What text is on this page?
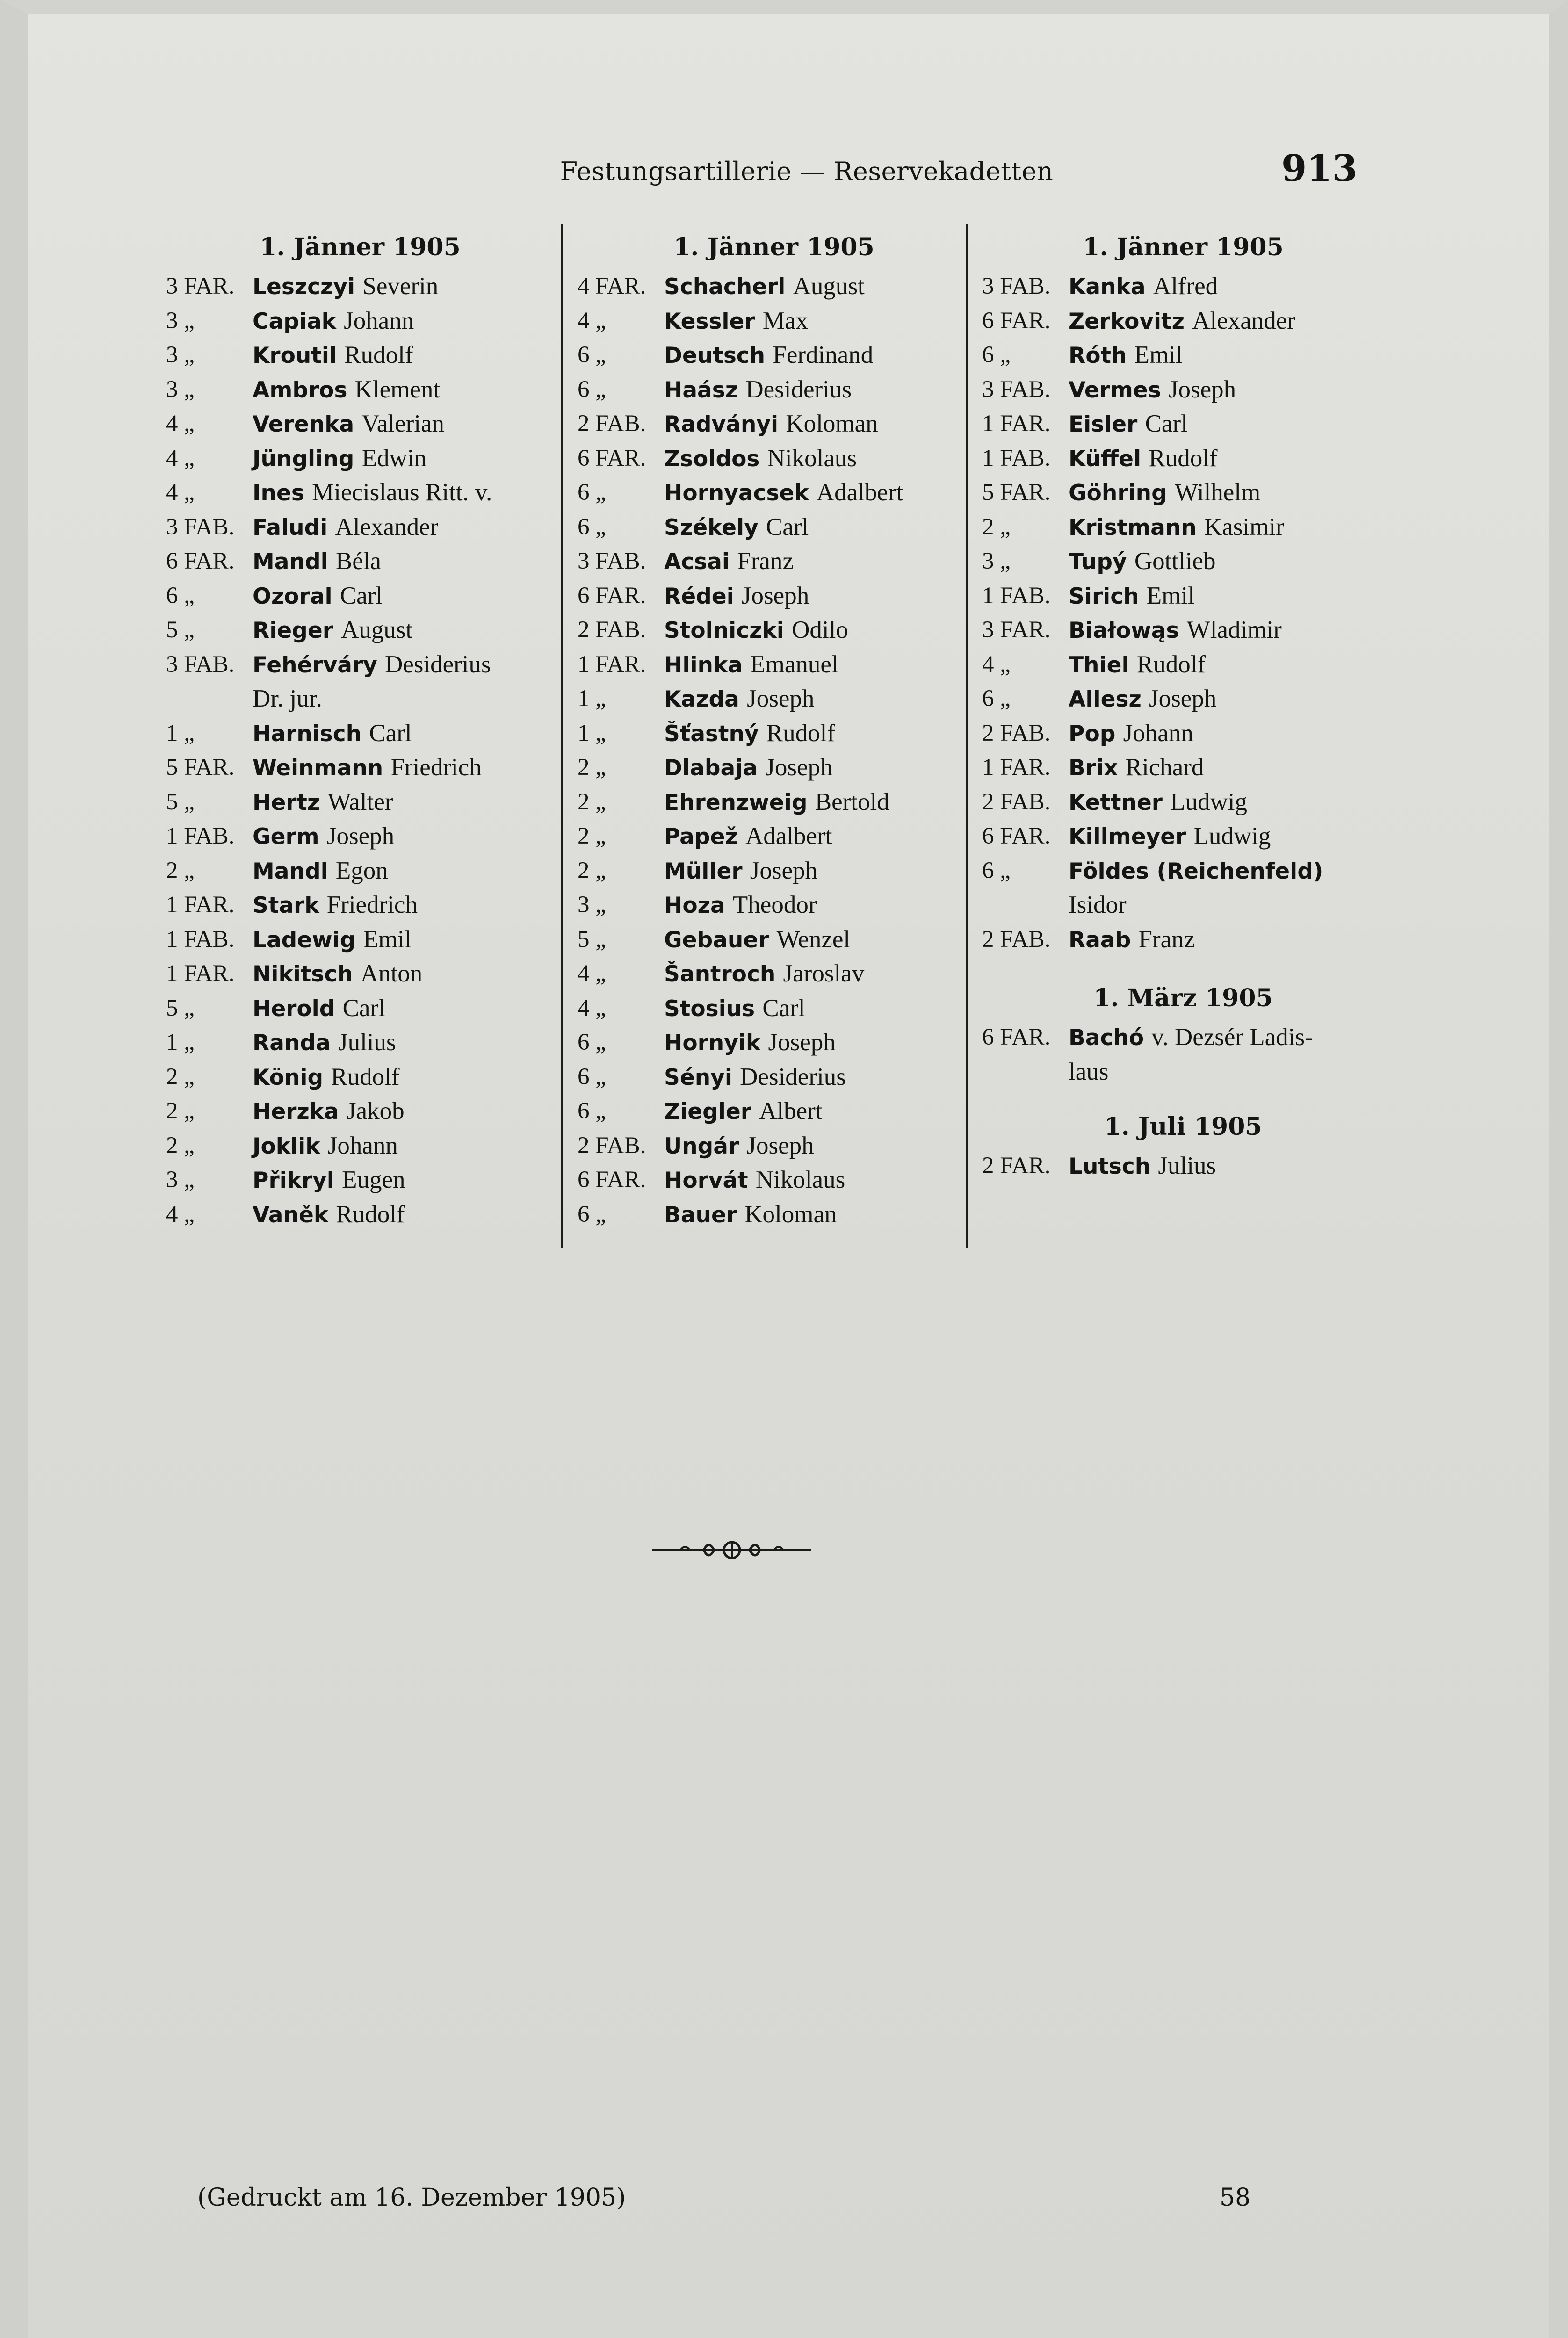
Festungsartillerie — Reservekadetten	913
1. Jänner 1905
3 FAR. Leszczyi Severin
3 „	Capiak Johann
3 „	Kroutil Rudolf
3 „	Ambros Klement
4 „	Verenka Valerian
4 „	Jüngling Edwin
4 „	Ines Miecislaus Ritt. v.
3 FAB. Faludi Alexander
6 FAR. Mandl Béla
6 „	Ozoral Carl
5 „	Rieger August
3 FAB. Fehérváry Desiderius
Dr. jur.
1 „	Harnisch Carl
5 FAR. Weinmann Friedrich
5 „	Hertz Walter
1 FAB. Germ Joseph
2 „	Mandl Egon
1 FAR. Stark Friedrich
1 FAB. Ladewig Emil
1 FAR. Nikitsch Anton
5 „	Herold Carl
1 „	Randa Julius
2 „	König Rudolf
2 „	Herzka Jakob
2 „	Joklik Johann
3 „	Přikryl Eugen
4 „	Vaněk Rudolf
1. Jänner 1905
4 FAR. Schacherl August
4 „	Kessler Max
6 „	Deutsch Ferdinand
6 „	Haász Desiderius
2 FAB. Radványi Koloman
6 FAR. Zsoldos Nikolaus
6 „	Hornyacsek Adalbert
6 „	Székely Carl
3 FAB. Acsai Franz
6 FAR. Rédei Joseph
2 FAB. Stolniczki Odilo
1 FAR. Hlinka Emanuel
1 „	Kazda Joseph
1 „	Šťastný Rudolf
2 „	Dlabaja Joseph
2 „	Ehrenzweig Bertold
2 „	Papež Adalbert
2 „	Müller Joseph
3 „	Hoza Theodor
5 „	Gebauer Wenzel
4 „	Šantroch Jaroslav
4 „	Stosius Carl
6 „	Hornyik Joseph
6 „	Sényi Desiderius
6 „	Ziegler Albert
2 FAB. Ungár Joseph
6 FAR. Horvát Nikolaus
6 „	Bauer Koloman
1. Jänner 1905
3 FAB. Kanka Alfred
6 FAR. Zerkovitz Alexander
6 „	Róth Emil
3 FAB. Vermes Joseph
1 FAR. Eisler Carl
1 FAB. Küffel Rudolf
5 FAR. Göhring Wilhelm
2 „	Kristmann Kasimir
3 „	Tupý Gottlieb
1 FAB. Sirich Emil
3 FAR. Białowąs Wladimir
4 „	Thiel Rudolf
6 „	Allesz Joseph
2 FAB. Pop Johann
1 FAR. Brix Richard
2 FAB. Kettner Ludwig
6 FAR. Killmeyer Ludwig
6 „	Földes (Reichenfeld)
Isidor
2 FAB. Raab Franz
1. März 1905
6 FAR. Bachó v. Dezsér Ladis-
laus
1. Juli 1905
2 FAR. Lutsch Julius
(Gedruckt am 16. Dezember 1905)	58
